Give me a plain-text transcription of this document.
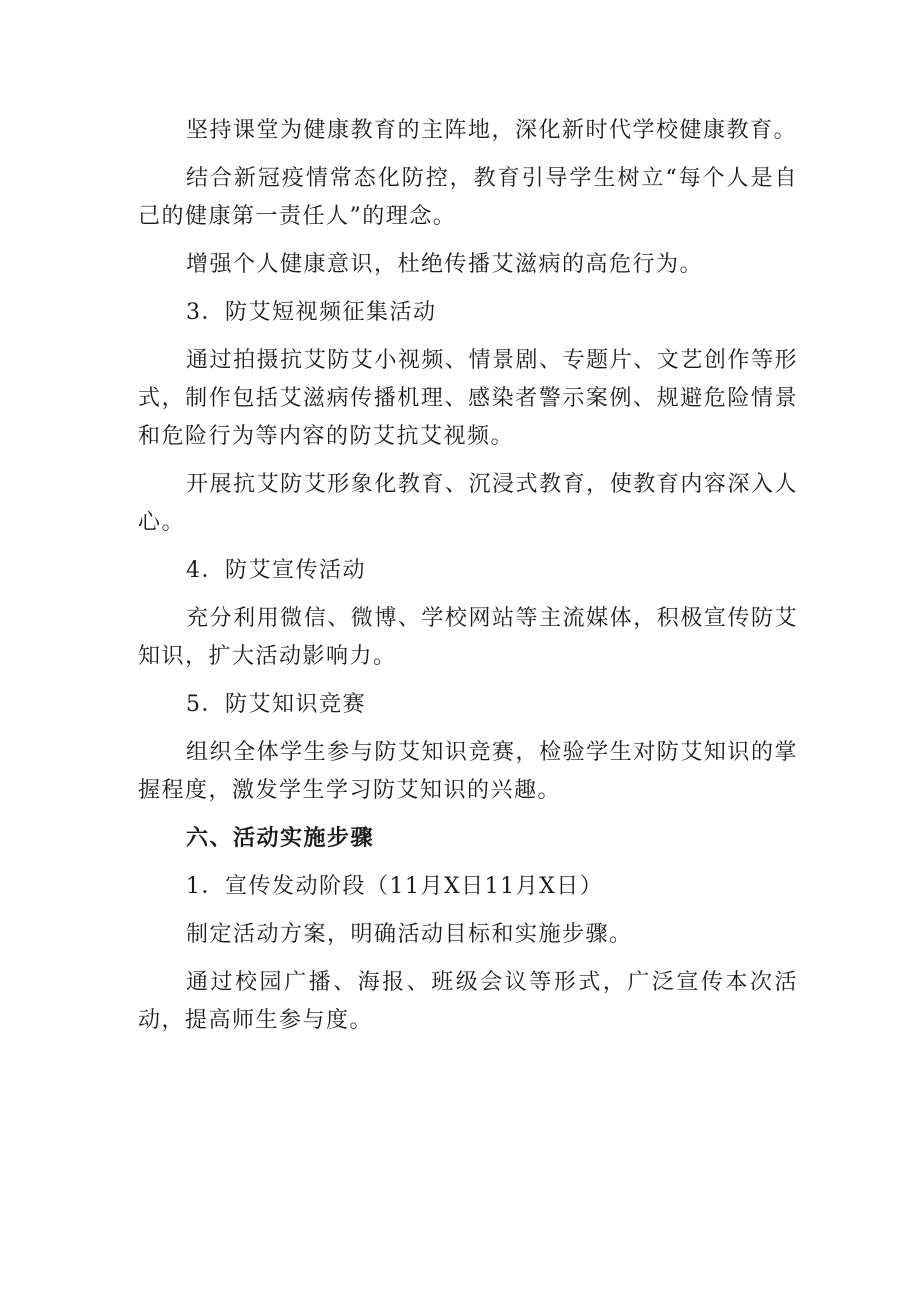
坚持课堂为健康教育的主阵地，深化新时代学校健康教育。

结合新冠疫情常态化防控，教育引导学生树立“每个人是自己的健康第一责任人”的理念。

增强个人健康意识，杜绝传播艾滋病的高危行为。

3．防艾短视频征集活动

通过拍摄抗艾防艾小视频、情景剧、专题片、文艺创作等形式，制作包括艾滋病传播机理、感染者警示案例、规避危险情景和危险行为等内容的防艾抗艾视频。

开展抗艾防艾形象化教育、沉浸式教育，使教育内容深入人心。

4．防艾宣传活动

充分利用微信、微博、学校网站等主流媒体，积极宣传防艾知识，扩大活动影响力。

5．防艾知识竞赛

组织全体学生参与防艾知识竞赛，检验学生对防艾知识的掌握程度，激发学生学习防艾知识的兴趣。

六、活动实施步骤

1．宣传发动阶段（11月X日11月X日）

制定活动方案，明确活动目标和实施步骤。

通过校园广播、海报、班级会议等形式，广泛宣传本次活动，提高师生参与度。
